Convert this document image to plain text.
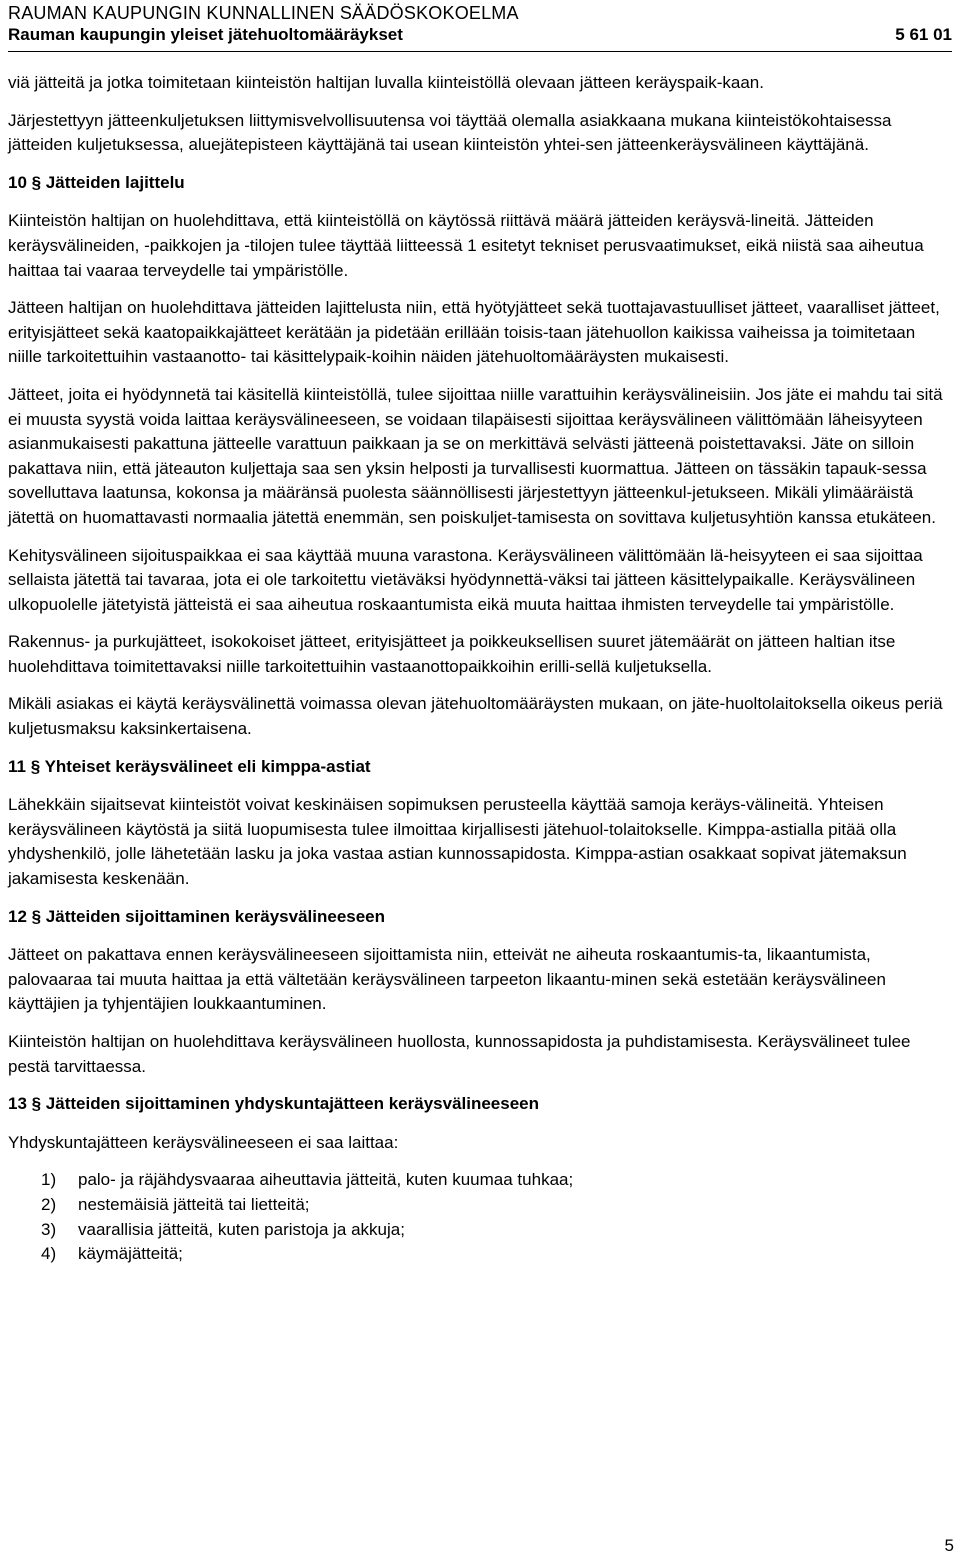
RAUMAN KAUPUNGIN KUNNALLINEN SÄÄDÖSKOKOELMA
Rauman kaupungin yleiset jätehuoltomääräykset	5 61 01

viä jätteitä ja jotka toimitetaan kiinteistön haltijan luvalla kiinteistöllä olevaan jätteen keräyspaik-kaan.

Järjestettyyn jätteenkuljetuksen liittymisvelvollisuutensa voi täyttää olemalla asiakkaana mukana kiinteistökohtaisessa jätteiden kuljetuksessa, aluejätepisteen käyttäjänä tai usean kiinteistön yhtei-sen jätteenkeräysvälineen käyttäjänä.

10 § Jätteiden lajittelu

Kiinteistön haltijan on huolehdittava, että kiinteistöllä on käytössä riittävä määrä jätteiden keräysvä-lineitä. Jätteiden keräysvälineiden, -paikkojen ja -tilojen tulee täyttää liitteessä 1 esitetyt tekniset perusvaatimukset, eikä niistä saa aiheutua haittaa tai vaaraa terveydelle tai ympäristölle.

Jätteen haltijan on huolehdittava jätteiden lajittelusta niin, että hyötyjätteet sekä tuottajavastuulliset jätteet, vaaralliset jätteet, erityisjätteet sekä kaatopaikkajätteet kerätään ja pidetään erillään toisis-taan jätehuollon kaikissa vaiheissa ja toimitetaan niille tarkoitettuihin vastaanotto- tai käsittelypaik-koihin näiden jätehuoltomääräysten mukaisesti.

Jätteet, joita ei hyödynnetä tai käsitellä kiinteistöllä, tulee sijoittaa niille varattuihin keräysvälineisiin. Jos jäte ei mahdu tai sitä ei muusta syystä voida laittaa keräysvälineeseen, se voidaan tilapäisesti sijoittaa keräysvälineen välittömään läheisyyteen asianmukaisesti pakattuna jätteelle varattuun paikkaan ja se on merkittävä selvästi jätteenä poistettavaksi. Jäte on silloin pakattava niin, että jäteauton kuljettaja saa sen yksin helposti ja turvallisesti kuormattua. Jätteen on tässäkin tapauk-sessa sovelluttava laatunsa, kokonsa ja määränsä puolesta säännöllisesti järjestettyyn jätteenkul-jetukseen. Mikäli ylimääräistä jätettä on huomattavasti normaalia jätettä enemmän, sen poiskuljet-tamisesta on sovittava kuljetusyhtiön kanssa etukäteen.

Kehitysvälineen sijoituspaikkaa ei saa käyttää muuna varastona. Keräysvälineen välittömään lä-heisyyteen ei saa sijoittaa sellaista jätettä tai tavaraa, jota ei ole tarkoitettu vietäväksi hyödynnettä-väksi tai jätteen käsittelypaikalle. Keräysvälineen ulkopuolelle jätetyistä jätteistä ei saa aiheutua roskaantumista eikä muuta haittaa ihmisten terveydelle tai ympäristölle.

Rakennus- ja purkujätteet, isokokoiset jätteet, erityisjätteet ja poikkeuksellisen suuret jätemäärät on jätteen haltian itse huolehdittava toimitettavaksi niille tarkoitettuihin vastaanottopaikkoihin erilli-sellä kuljetuksella.

Mikäli asiakas ei käytä keräysvälinettä voimassa olevan jätehuoltomääräysten mukaan, on jäte-huoltolaitoksella oikeus periä kuljetusmaksu kaksinkertaisena.

11 § Yhteiset keräysvälineet eli kimppa-astiat

Lähekkäin sijaitsevat kiinteistöt voivat keskinäisen sopimuksen perusteella käyttää samoja keräys-välineitä. Yhteisen keräysvälineen käytöstä ja siitä luopumisesta tulee ilmoittaa kirjallisesti jätehuol-tolaitokselle. Kimppa-astialla pitää olla yhdyshenkilö, jolle lähetetään lasku ja joka vastaa astian kunnossapidosta. Kimppa-astian osakkaat sopivat jätemaksun jakamisesta keskenään.

12 § Jätteiden sijoittaminen keräysvälineeseen

Jätteet on pakattava ennen keräysvälineeseen sijoittamista niin, etteivät ne aiheuta roskaantumis-ta, likaantumista, palovaaraa tai muuta haittaa ja että vältetään keräysvälineen tarpeeton likaantu-minen sekä estetään keräysvälineen käyttäjien ja tyhjentäjien loukkaantuminen.

Kiinteistön haltijan on huolehdittava keräysvälineen huollosta, kunnossapidosta ja puhdistamisesta. Keräysvälineet tulee pestä tarvittaessa.

13 § Jätteiden sijoittaminen yhdyskuntajätteen keräysvälineeseen

Yhdyskuntajätteen keräysvälineeseen ei saa laittaa:

1)	palo- ja räjähdysvaaraa aiheuttavia jätteitä, kuten kuumaa tuhkaa;
2)	nestemäisiä jätteitä tai lietteitä;
3)	vaarallisia jätteitä, kuten paristoja ja akkuja;
4)	käymäjätteitä;
5
